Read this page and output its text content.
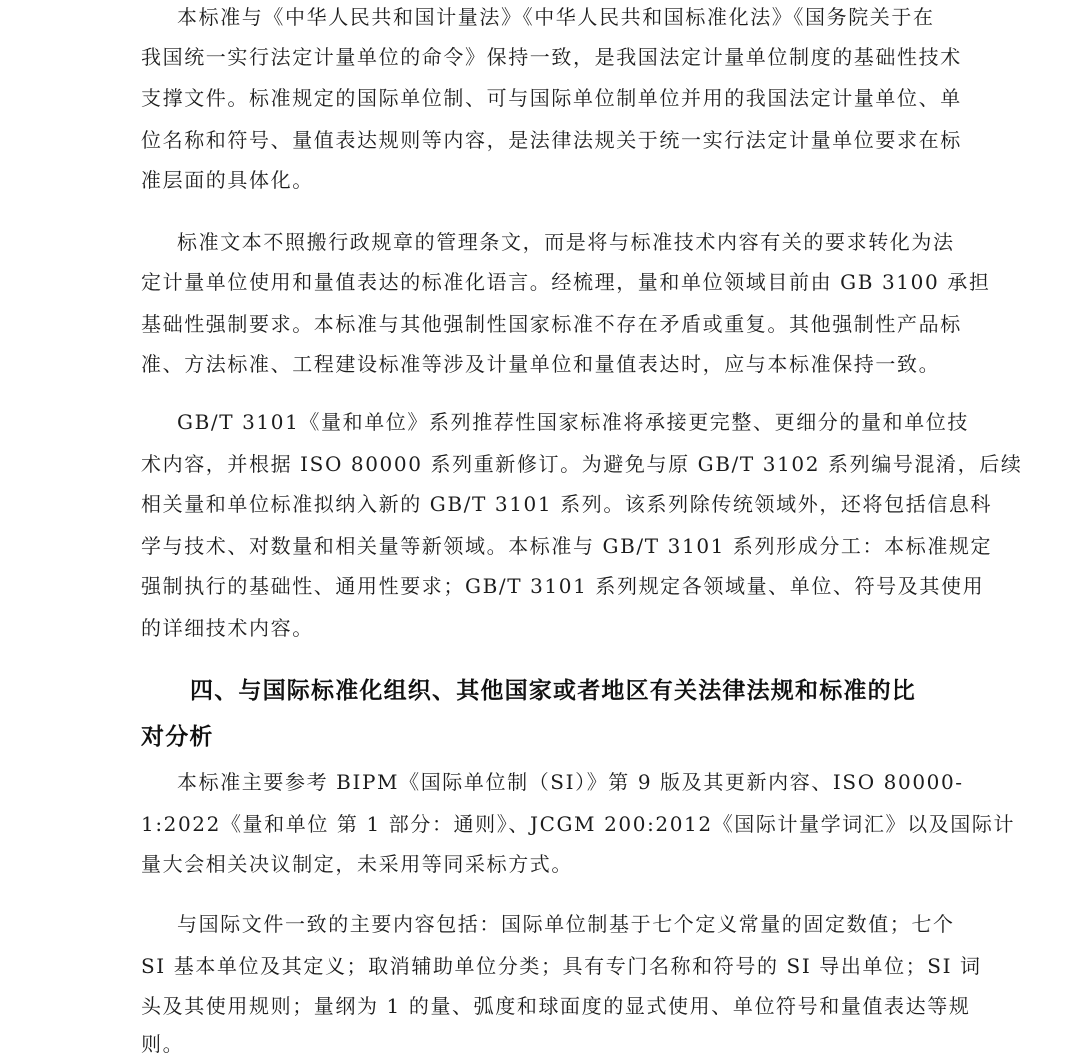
本标准与《中华人民共和国计量法》《中华人民共和国标准化法》《国务院关于在

我国统一实行法定计量单位的命令》保持一致，是我国法定计量单位制度的基础性技术

支撑文件。标准规定的国际单位制、可与国际单位制单位并用的我国法定计量单位、单

位名称和符号、量值表达规则等内容，是法律法规关于统一实行法定计量单位要求在标

准层面的具体化。

标准文本不照搬行政规章的管理条文，而是将与标准技术内容有关的要求转化为法

定计量单位使用和量值表达的标准化语言。经梳理，量和单位领域目前由 GB 3100 承担

基础性强制要求。本标准与其他强制性国家标准不存在矛盾或重复。其他强制性产品标

准、方法标准、工程建设标准等涉及计量单位和量值表达时，应与本标准保持一致。

GB/T 3101《量和单位》系列推荐性国家标准将承接更完整、更细分的量和单位技

术内容，并根据 ISO 80000 系列重新修订。为避免与原 GB/T 3102 系列编号混淆，后续

相关量和单位标准拟纳入新的 GB/T 3101 系列。该系列除传统领域外，还将包括信息科

学与技术、对数量和相关量等新领域。本标准与 GB/T 3101 系列形成分工：本标准规定

强制执行的基础性、通用性要求；GB/T 3101 系列规定各领域量、单位、符号及其使用

的详细技术内容。

四、与国际标准化组织、其他国家或者地区有关法律法规和标准的比
对分析

本标准主要参考 BIPM《国际单位制（SI）》第 9 版及其更新内容、ISO 80000-

1:2022《量和单位 第 1 部分：通则》、JCGM 200:2012《国际计量学词汇》以及国际计

量大会相关决议制定，未采用等同采标方式。

与国际文件一致的主要内容包括：国际单位制基于七个定义常量的固定数值；七个

SI 基本单位及其定义；取消辅助单位分类；具有专门名称和符号的 SI 导出单位；SI 词

头及其使用规则；量纲为 1 的量、弧度和球面度的显式使用、单位符号和量值表达等规

则。
